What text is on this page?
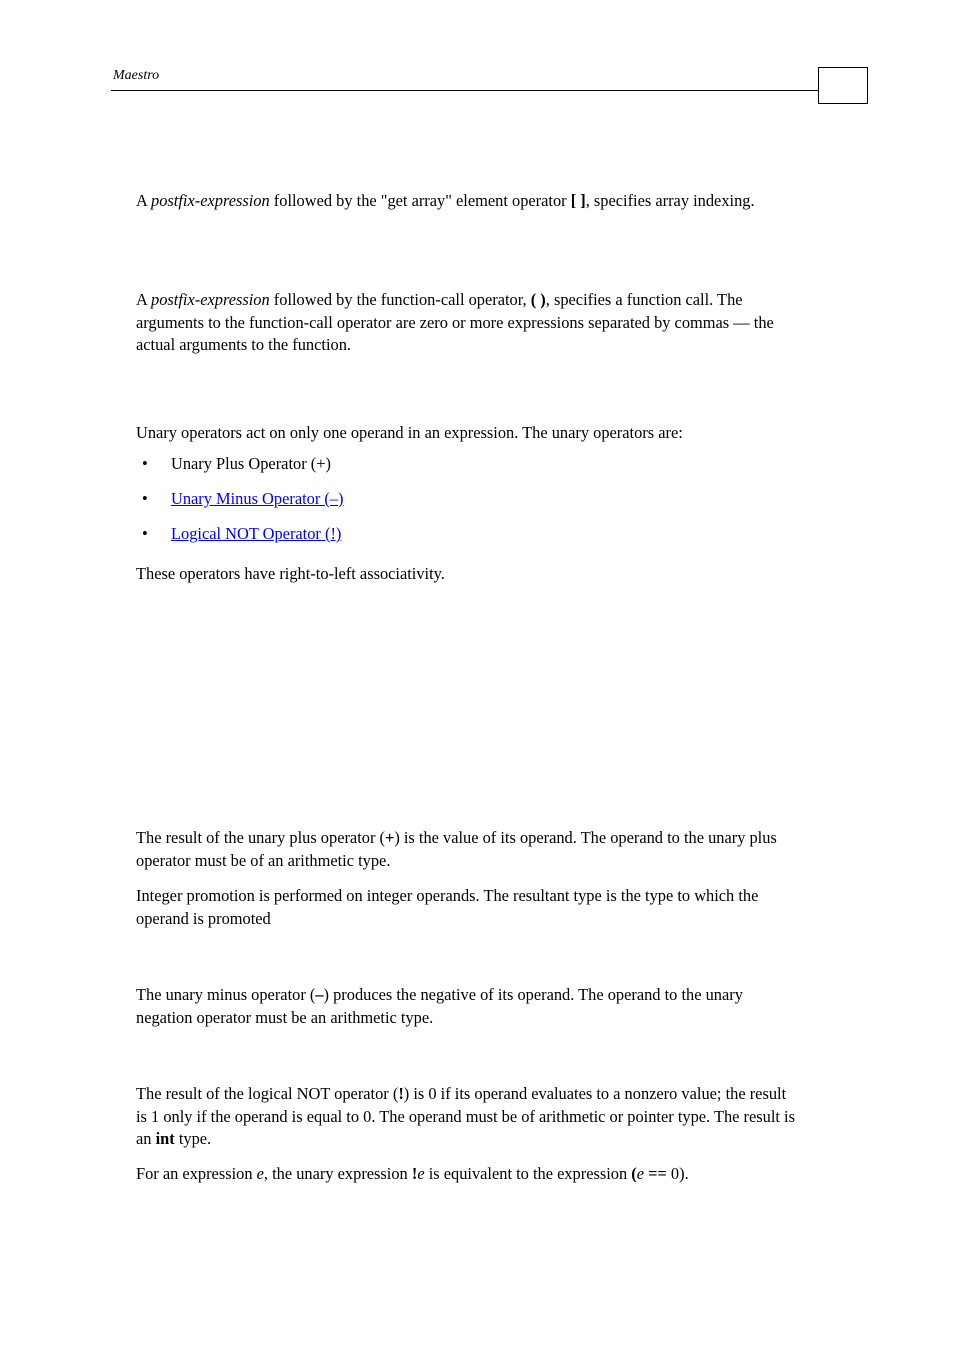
Maestro

A postfix-expression followed by the "get array" element operator [ ], specifies array indexing.

A postfix-expression followed by the function-call operator, ( ), specifies a function call. The arguments to the function-call operator are zero or more expressions separated by commas — the actual arguments to the function.

Unary operators act on only one operand in an expression. The unary operators are:

•	Unary Plus Operator (+)
•	Unary Minus Operator (–)
•	Logical NOT Operator (!)

These operators have right-to-left associativity.

The result of the unary plus operator (+) is the value of its operand. The operand to the unary plus operator must be of an arithmetic type.

Integer promotion is performed on integer operands. The resultant type is the type to which the operand is promoted

The unary minus operator (–) produces the negative of its operand. The operand to the unary negation operator must be an arithmetic type.

The result of the logical NOT operator (!) is 0 if its operand evaluates to a nonzero value; the result is 1 only if the operand is equal to 0. The operand must be of arithmetic or pointer type. The result is an int type.

For an expression e, the unary expression !e is equivalent to the expression (e == 0).
